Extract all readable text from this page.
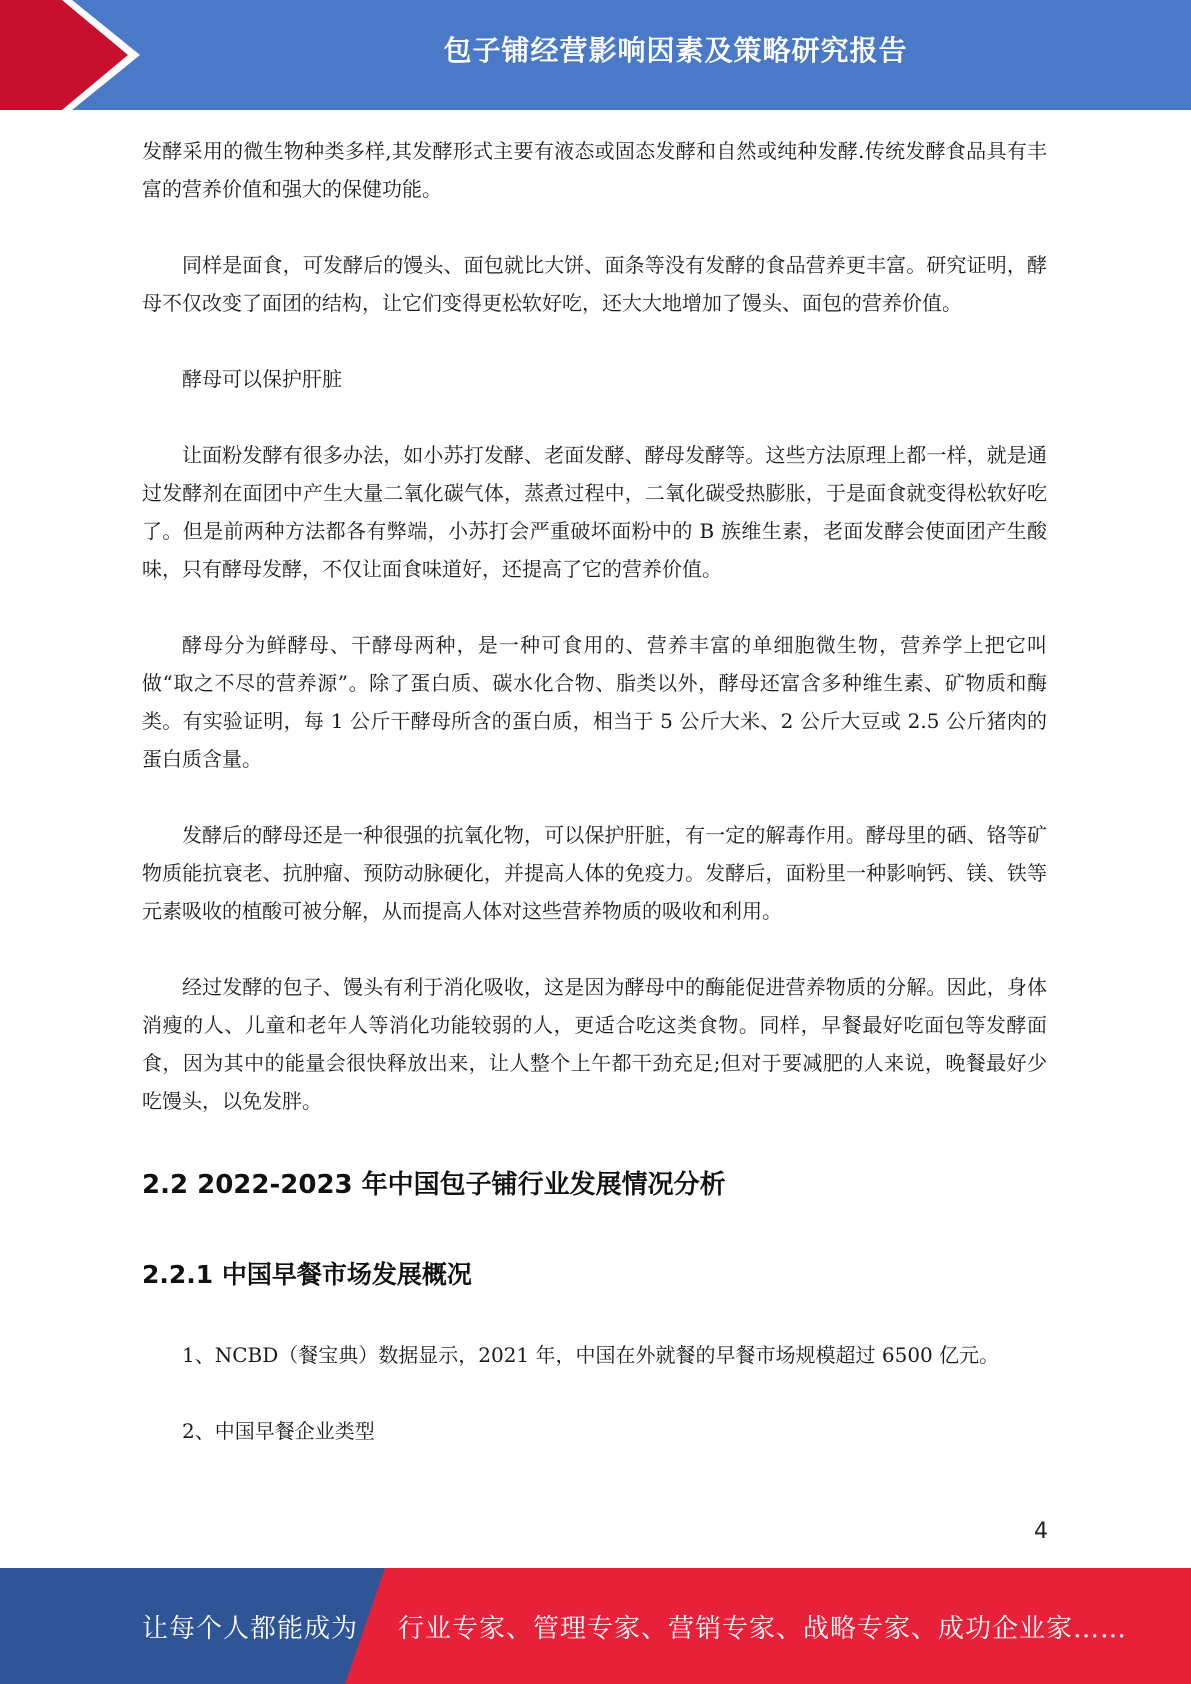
包子铺经营影响因素及策略研究报告

发酵采用的微生物种类多样,其发酵形式主要有液态或固态发酵和自然或纯种发酵.传统发酵食品具有丰富的营养价值和强大的保健功能。

同样是面食，可发酵后的馒头、面包就比大饼、面条等没有发酵的食品营养更丰富。研究证明，酵母不仅改变了面团的结构，让它们变得更松软好吃，还大大地增加了馒头、面包的营养价值。

酵母可以保护肝脏

让面粉发酵有很多办法，如小苏打发酵、老面发酵、酵母发酵等。这些方法原理上都一样，就是通过发酵剂在面团中产生大量二氧化碳气体，蒸煮过程中，二氧化碳受热膨胀，于是面食就变得松软好吃了。但是前两种方法都各有弊端，小苏打会严重破坏面粉中的 B 族维生素，老面发酵会使面团产生酸味，只有酵母发酵，不仅让面食味道好，还提高了它的营养价值。

酵母分为鲜酵母、干酵母两种，是一种可食用的、营养丰富的单细胞微生物，营养学上把它叫做“取之不尽的营养源”。除了蛋白质、碳水化合物、脂类以外，酵母还富含多种维生素、矿物质和酶类。有实验证明，每 1 公斤干酵母所含的蛋白质，相当于 5 公斤大米、2 公斤大豆或 2.5 公斤猪肉的蛋白质含量。

发酵后的酵母还是一种很强的抗氧化物，可以保护肝脏，有一定的解毒作用。酵母里的硒、铬等矿物质能抗衰老、抗肿瘤、预防动脉硬化，并提高人体的免疫力。发酵后，面粉里一种影响钙、镁、铁等元素吸收的植酸可被分解，从而提高人体对这些营养物质的吸收和利用。

经过发酵的包子、馒头有利于消化吸收，这是因为酵母中的酶能促进营养物质的分解。因此，身体消瘦的人、儿童和老年人等消化功能较弱的人，更适合吃这类食物。同样，早餐最好吃面包等发酵面食，因为其中的能量会很快释放出来，让人整个上午都干劲充足;但对于要减肥的人来说，晚餐最好少吃馒头，以免发胖。

2.2 2022-2023 年中国包子铺行业发展情况分析
2.2.1 中国早餐市场发展概况

1、NCBD（餐宝典）数据显示，2021 年，中国在外就餐的早餐市场规模超过 6500 亿元。

2、中国早餐企业类型

4
让每个人都能成为 行业专家、管理专家、营销专家、战略专家、成功企业家……
